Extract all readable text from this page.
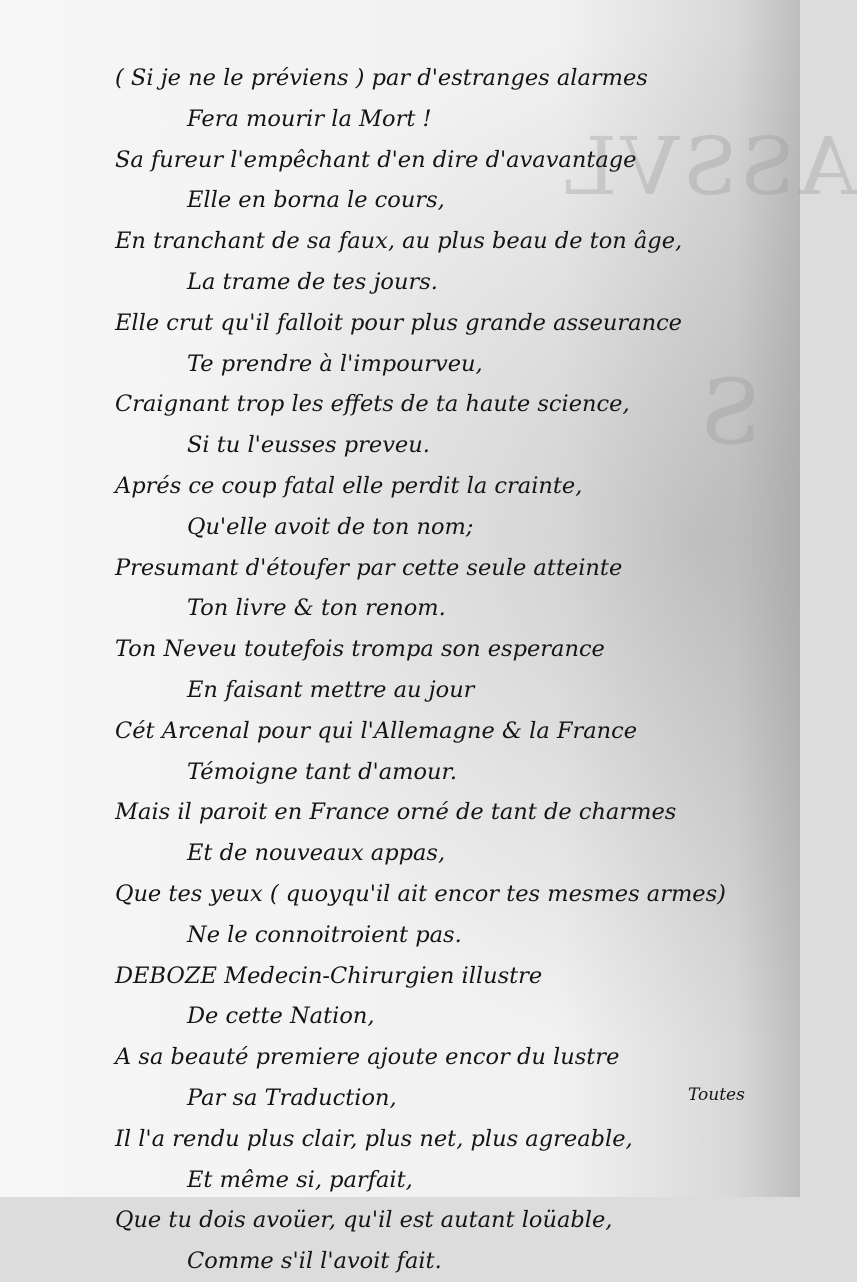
ASSVL
S
( Si je ne le préviens ) par d'estranges alarmes
Fera mourir la Mort !
Sa fureur l'empêchant d'en dire d'avavantage
Elle en borna le cours,
En tranchant de sa faux, au plus beau de ton âge,
La trame de tes jours.
Elle crut qu'il falloit pour plus grande asseurance
Te prendre à l'impourveu,
Craignant trop les effets de ta haute science,
Si tu l'eusses preveu.
Aprés ce coup fatal elle perdit la crainte,
Qu'elle avoit de ton nom;
Presumant d'étoufer par cette seule atteinte
Ton livre & ton renom.
Ton Neveu toutefois trompa son esperance
En faisant mettre au jour
Cét Arcenal pour qui l'Allemagne & la France
Témoigne tant d'amour.
Mais il paroit en France orné de tant de charmes
Et de nouveaux appas,
Que tes yeux ( quoyqu'il ait encor tes mesmes armes)
Ne le connoitroient pas.
DEBOZE Medecin-Chirurgien illustre
De cette Nation,
A sa beauté premiere ajoute encor du lustre
Par sa Traduction,
Il l'a rendu plus clair, plus net, plus agreable,
Et même si, parfait,
Que tu dois avoüer, qu'il est autant loüable,
Comme s'il l'avoit fait.
Toutes
